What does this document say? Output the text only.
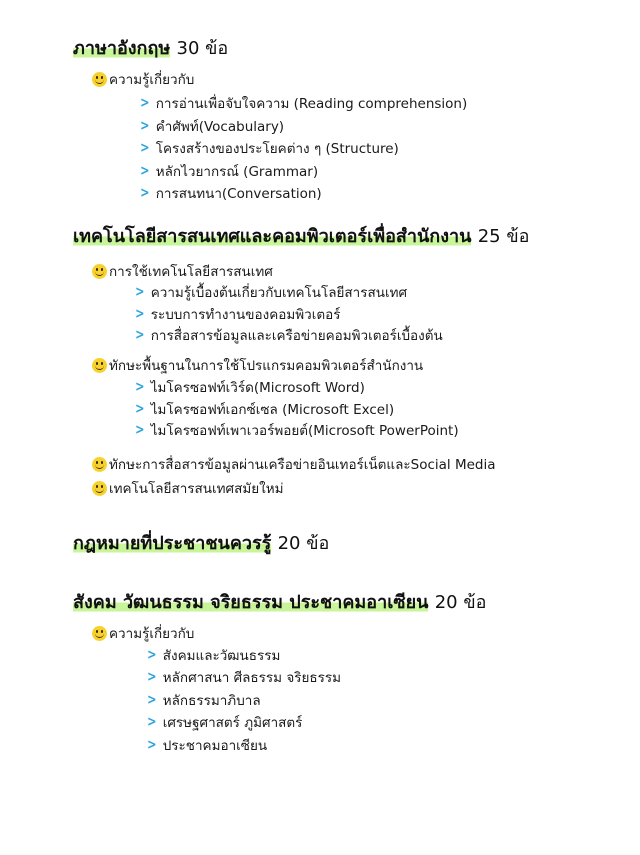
ภาษาอังกฤษ 30 ข้อ
ความรู้เกี่ยวกับ
> การอ่านเพื่อจับใจความ (Reading comprehension)
> คำศัพท์(Vocabulary)
> โครงสร้างของประโยคต่าง ๆ (Structure)
> หลักไวยากรณ์ (Grammar)
> การสนทนา(Conversation)
เทคโนโลยีสารสนเทศและคอมพิวเตอร์เพื่อสำนักงาน 25 ข้อ
การใช้เทคโนโลยีสารสนเทศ
> ความรู้เบื้องต้นเกี่ยวกับเทคโนโลยีสารสนเทศ
> ระบบการทำงานของคอมพิวเตอร์
> การสื่อสารข้อมูลและเครือข่ายคอมพิวเตอร์เบื้องต้น
ทักษะพื้นฐานในการใช้โปรแกรมคอมพิวเตอร์สำนักงาน
> ไมโครซอฟท์เวิร์ด(Microsoft Word)
> ไมโครซอฟท์เอกซ์เซล (Microsoft Excel)
> ไมโครซอฟท์เพาเวอร์พอยต์(Microsoft PowerPoint)
ทักษะการสื่อสารข้อมูลผ่านเครือข่ายอินเทอร์เน็ตและSocial Media
เทคโนโลยีสารสนเทศสมัยใหม่
กฎหมายที่ประชาชนควรรู้ 20 ข้อ
สังคม วัฒนธรรม จริยธรรม ประชาคมอาเซียน 20 ข้อ
ความรู้เกี่ยวกับ
> สังคมและวัฒนธรรม
> หลักศาสนา ศีลธรรม จริยธรรม
> หลักธรรมาภิบาล
> เศรษฐศาสตร์ ภูมิศาสตร์
> ประชาคมอาเซียน
